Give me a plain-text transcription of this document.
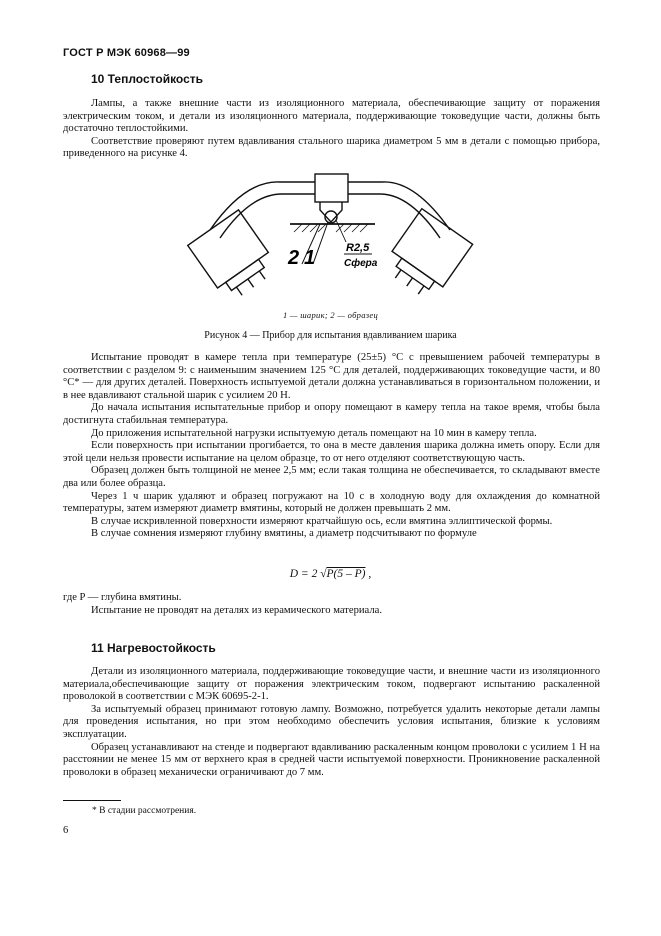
ГОСТ Р МЭК 60968—99
10 Теплостойкость

Лампы, а также внешние части из изоляционного материала, обеспечивающие защиту от поражения электрическим током, и детали из изоляционного материала, поддерживающие токоведущие части, должны быть достаточно теплостойкими.

Соответствие проверяют путем вдавливания стального шарика диаметром 5 мм в детали с помощью прибора, приведенного на рисунке 4.

2 1	R2,5
Сфера
1 — шарик; 2 — образец
Рисунок 4 — Прибор для испытания вдавливанием шарика

Испытание проводят в камере тепла при температуре (25±5) °С с превышением рабочей температуры в соответствии с разделом 9: с наименьшим значением 125 °С для деталей, поддерживающих токоведущие части, и 80 °С* — для других деталей. Поверхность испытуемой детали должна устанавливаться в горизонтальном положении, и в нее вдавливают стальной шарик с усилием 20 Н.

До начала испытания испытательные прибор и опору помещают в камеру тепла на такое время, чтобы была достигнута стабильная температура.

До приложения испытательной нагрузки испытуемую деталь помещают на 10 мин в камеру тепла.

Если поверхность при испытании прогибается, то она в месте давления шарика должна иметь опору. Если для этой цели нельзя провести испытание на целом образце, то от него отделяют соответствующую часть.

Образец должен быть толщиной не менее 2,5 мм; если такая толщина не обеспечивается, то складывают вместе два или более образца.

Через 1 ч шарик удаляют и образец погружают на 10 с в холодную воду для охлаждения до комнатной температуры, затем измеряют диаметр вмятины, который не должен превышать 2 мм.

В случае искривленной поверхности измеряют кратчайшую ось, если вмятина эллиптической формы.

В случае сомнения измеряют глубину вмятины, а диаметр подсчитывают по формуле

D = 2 √P(5 – P) ,

где P — глубина вмятины.

Испытание не проводят на деталях из керамического материала.

11 Нагревостойкость

Детали из изоляционного материала, поддерживающие токоведущие части, и внешние части из изоляционного материала,обеспечивающие защиту от поражения электрическим током, подвергают испытанию раскаленной проволокой в соответствии с МЭК 60695-2-1.

За испытуемый образец принимают готовую лампу. Возможно, потребуется удалить некоторые детали лампы для проведения испытания, но при этом необходимо обеспечить условия испытания, близкие к условиям эксплуатации.

Образец устанавливают на стенде и подвергают вдавливанию раскаленным концом проволоки с усилием 1 Н на расстоянии не менее 15 мм от верхнего края в средней части испытуемой поверхности. Проникновение раскаленной проволоки в образец механически ограничивают до 7 мм.

* В стадии рассмотрения.
6
